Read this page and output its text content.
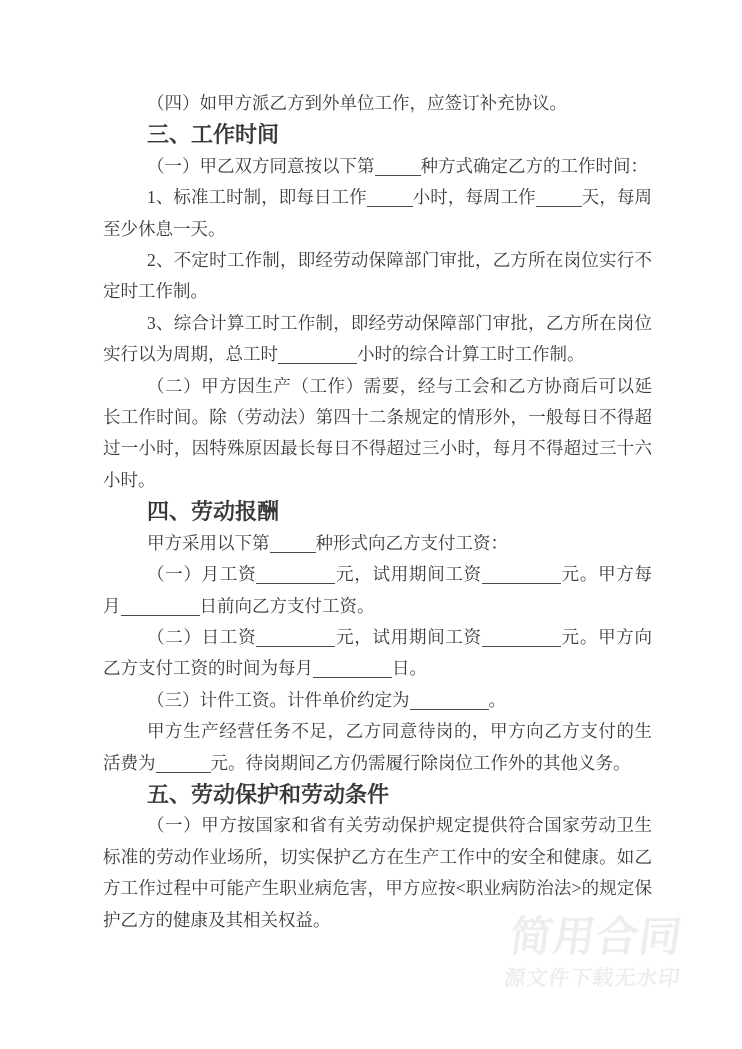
（四）如甲方派乙方到外单位工作，应签订补充协议。

三、工作时间

（一）甲乙双方同意按以下第	种方式确定乙方的工作时间：

1、标准工时制，即每日工作	小时，每周工作	天，每周至少休息一天。

2、不定时工作制，即经劳动保障部门审批，乙方所在岗位实行不定时工作制。

3、综合计算工时工作制，即经劳动保障部门审批，乙方所在岗位实行以为周期，总工时	小时的综合计算工时工作制。

（二）甲方因生产（工作）需要，经与工会和乙方协商后可以延长工作时间。除（劳动法）第四十二条规定的情形外，一般每日不得超过一小时，因特殊原因最长每日不得超过三小时，每月不得超过三十六小时。

四、劳动报酬

甲方采用以下第	种形式向乙方支付工资：

（一）月工资	元，试用期间工资	元。甲方每月	日前向乙方支付工资。

（二）日工资	元，试用期间工资	元。甲方向乙方支付工资的时间为每月	日。

（三）计件工资。计件单价约定为	。

甲方生产经营任务不足，乙方同意待岗的，甲方向乙方支付的生活费为	元。待岗期间乙方仍需履行除岗位工作外的其他义务。

五、劳动保护和劳动条件

（一）甲方按国家和省有关劳动保护规定提供符合国家劳动卫生标准的劳动作业场所，切实保护乙方在生产工作中的安全和健康。如乙方工作过程中可能产生职业病危害，甲方应按<职业病防治法>的规定保护乙方的健康及其相关权益。	简用合同
源文件下载无水印
